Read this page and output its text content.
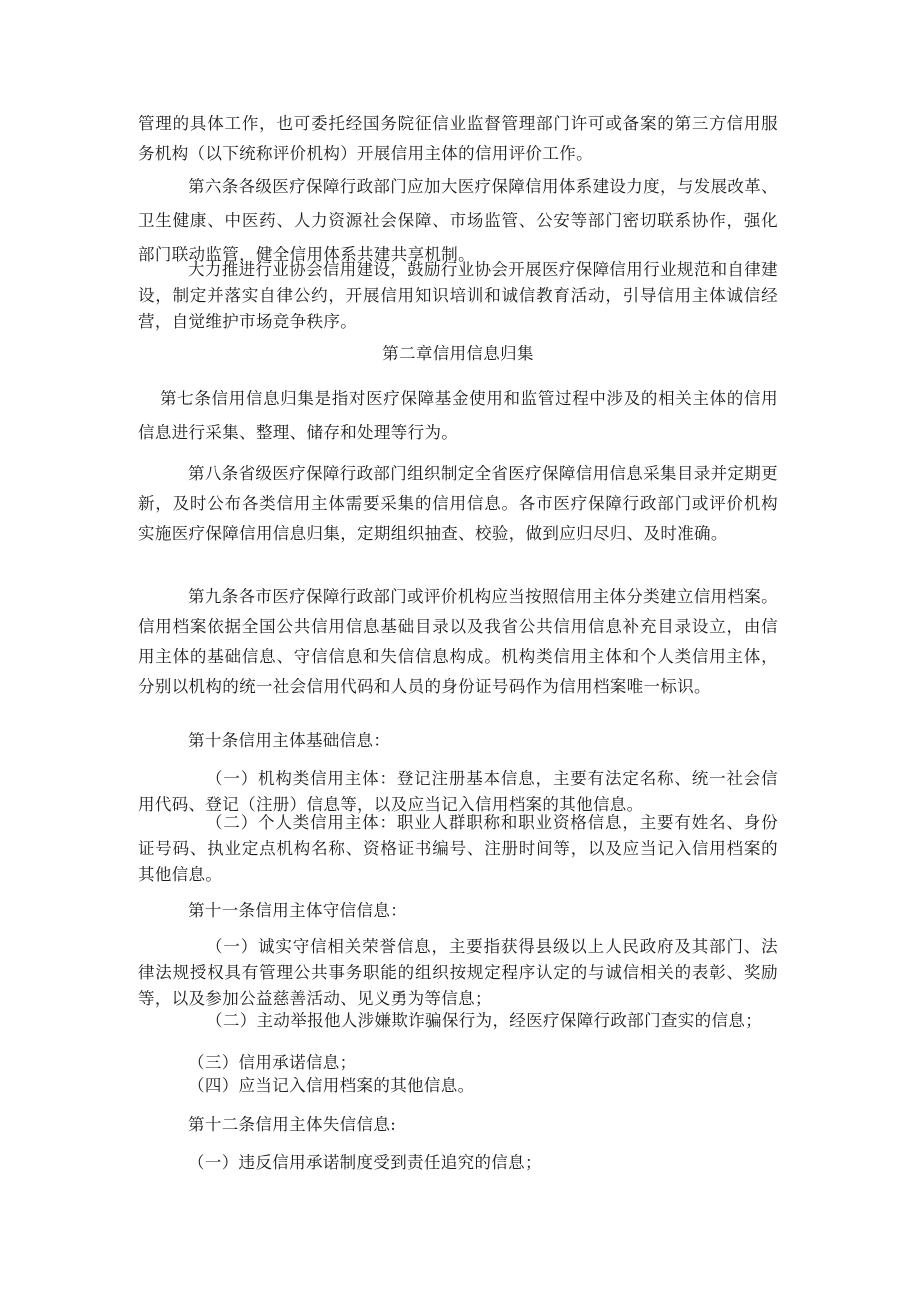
管理的具体工作，也可委托经国务院征信业监督管理部门许可或备案的第三方信用服务机构（以下统称评价机构）开展信用主体的信用评价工作。

第六条各级医疗保障行政部门应加大医疗保障信用体系建设力度，与发展改革、卫生健康、中医药、人力资源社会保障、市场监管、公安等部门密切联系协作，强化部门联动监管，健全信用体系共建共享机制。

大力推进行业协会信用建设，鼓励行业协会开展医疗保障信用行业规范和自律建设，制定并落实自律公约，开展信用知识培训和诚信教育活动，引导信用主体诚信经营，自觉维护市场竞争秩序。

第二章信用信息归集

第七条信用信息归集是指对医疗保障基金使用和监管过程中涉及的相关主体的信用信息进行采集、整理、储存和处理等行为。

第八条省级医疗保障行政部门组织制定全省医疗保障信用信息采集目录并定期更新，及时公布各类信用主体需要采集的信用信息。各市医疗保障行政部门或评价机构实施医疗保障信用信息归集，定期组织抽查、校验，做到应归尽归、及时准确。

第九条各市医疗保障行政部门或评价机构应当按照信用主体分类建立信用档案。信用档案依据全国公共信用信息基础目录以及我省公共信用信息补充目录设立，由信用主体的基础信息、守信信息和失信信息构成。机构类信用主体和个人类信用主体，分别以机构的统一社会信用代码和人员的身份证号码作为信用档案唯一标识。

第十条信用主体基础信息：

（一）机构类信用主体：登记注册基本信息，主要有法定名称、统一社会信用代码、登记（注册）信息等，以及应当记入信用档案的其他信息。

（二）个人类信用主体：职业人群职称和职业资格信息，主要有姓名、身份证号码、执业定点机构名称、资格证书编号、注册时间等，以及应当记入信用档案的其他信息。

第十一条信用主体守信信息：

（一）诚实守信相关荣誉信息，主要指获得县级以上人民政府及其部门、法律法规授权具有管理公共事务职能的组织按规定程序认定的与诚信相关的表彰、奖励等，以及参加公益慈善活动、见义勇为等信息；

（二）主动举报他人涉嫌欺诈骗保行为，经医疗保障行政部门查实的信息；

（三）信用承诺信息；

（四）应当记入信用档案的其他信息。

第十二条信用主体失信信息:

（一）违反信用承诺制度受到责任追究的信息；
